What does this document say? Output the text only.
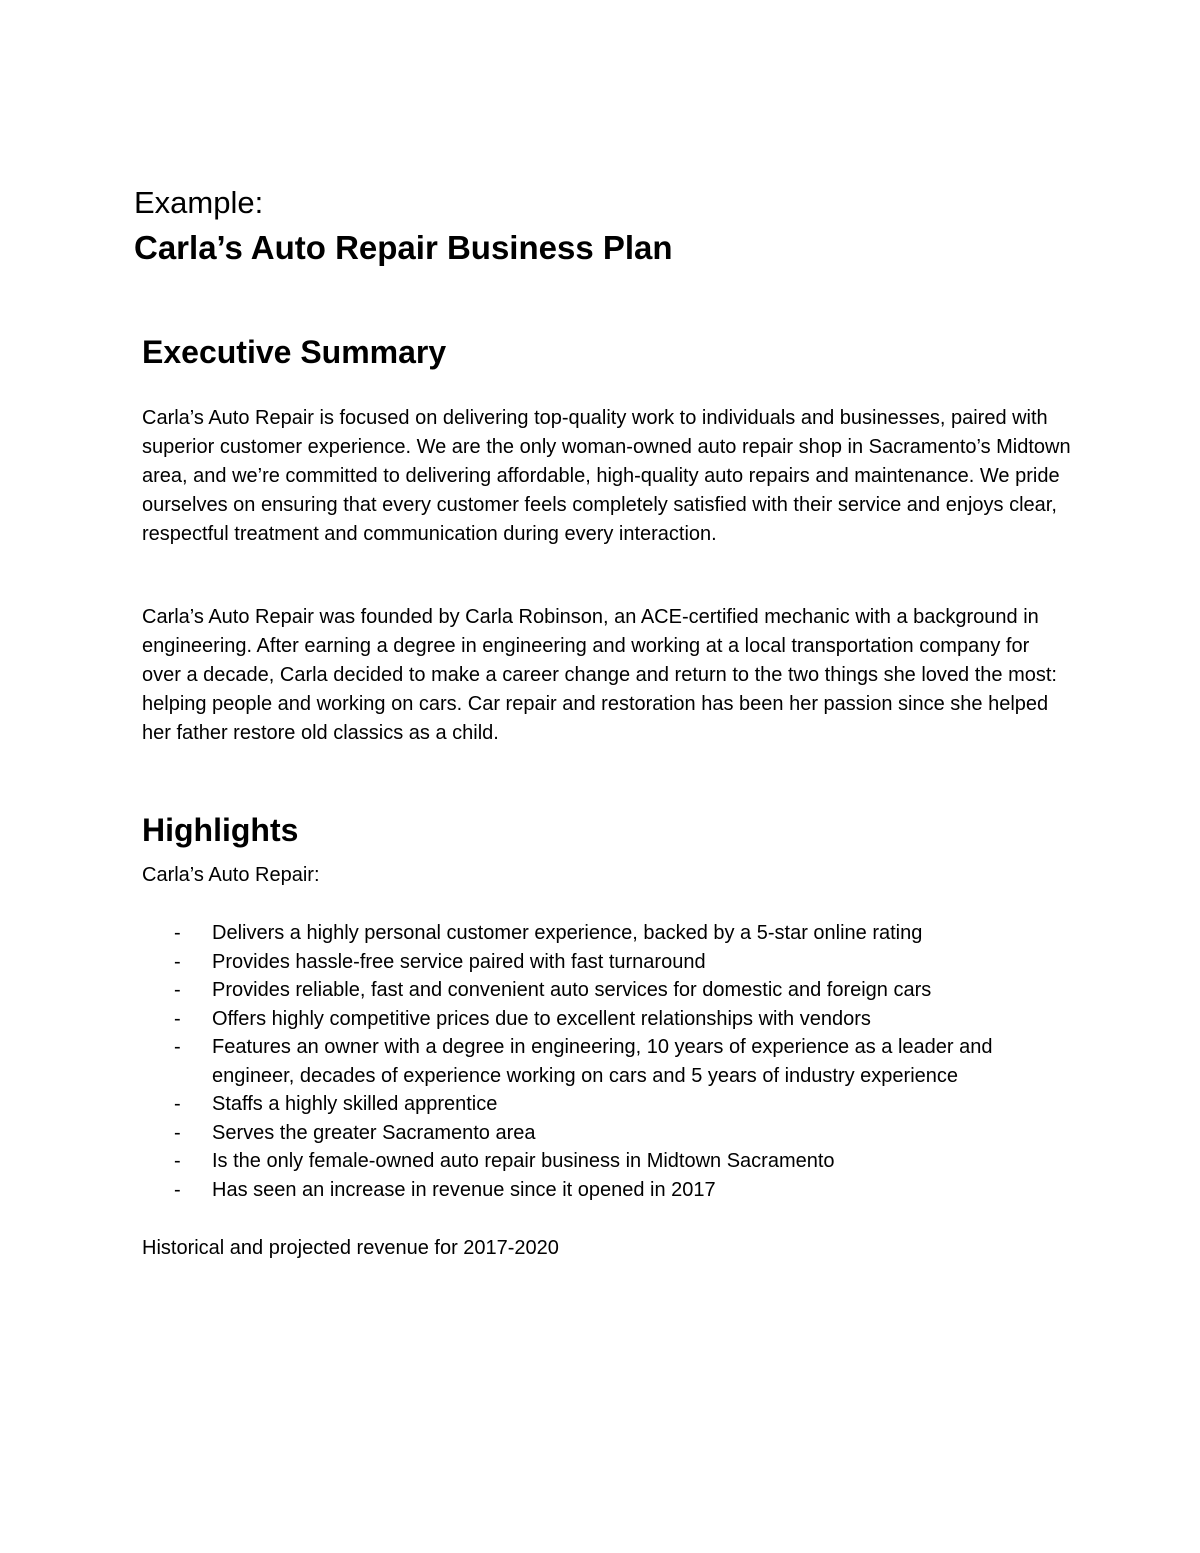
Example:

Carla’s Auto Repair Business Plan
Executive Summary

Carla’s Auto Repair is focused on delivering top-quality work to individuals and businesses, paired with superior customer experience. We are the only woman-owned auto repair shop in Sacramento’s Midtown area, and we’re committed to delivering affordable, high-quality auto repairs and maintenance. We pride ourselves on ensuring that every customer feels completely satisfied with their service and enjoys clear, respectful treatment and communication during every interaction.

Carla’s Auto Repair was founded by Carla Robinson, an ACE-certified mechanic with a background in engineering. After earning a degree in engineering and working at a local transportation company for over a decade, Carla decided to make a career change and return to the two things she loved the most: helping people and working on cars. Car repair and restoration has been her passion since she helped her father restore old classics as a child.

Highlights

Carla’s Auto Repair:

- Delivers a highly personal customer experience, backed by a 5-star online rating
- Provides hassle-free service paired with fast turnaround
- Provides reliable, fast and convenient auto services for domestic and foreign cars
- Offers highly competitive prices due to excellent relationships with vendors
- Features an owner with a degree in engineering, 10 years of experience as a leader and engineer, decades of experience working on cars and 5 years of industry experience
- Staffs a highly skilled apprentice
- Serves the greater Sacramento area
- Is the only female-owned auto repair business in Midtown Sacramento
- Has seen an increase in revenue since it opened in 2017

Historical and projected revenue for 2017-2020
